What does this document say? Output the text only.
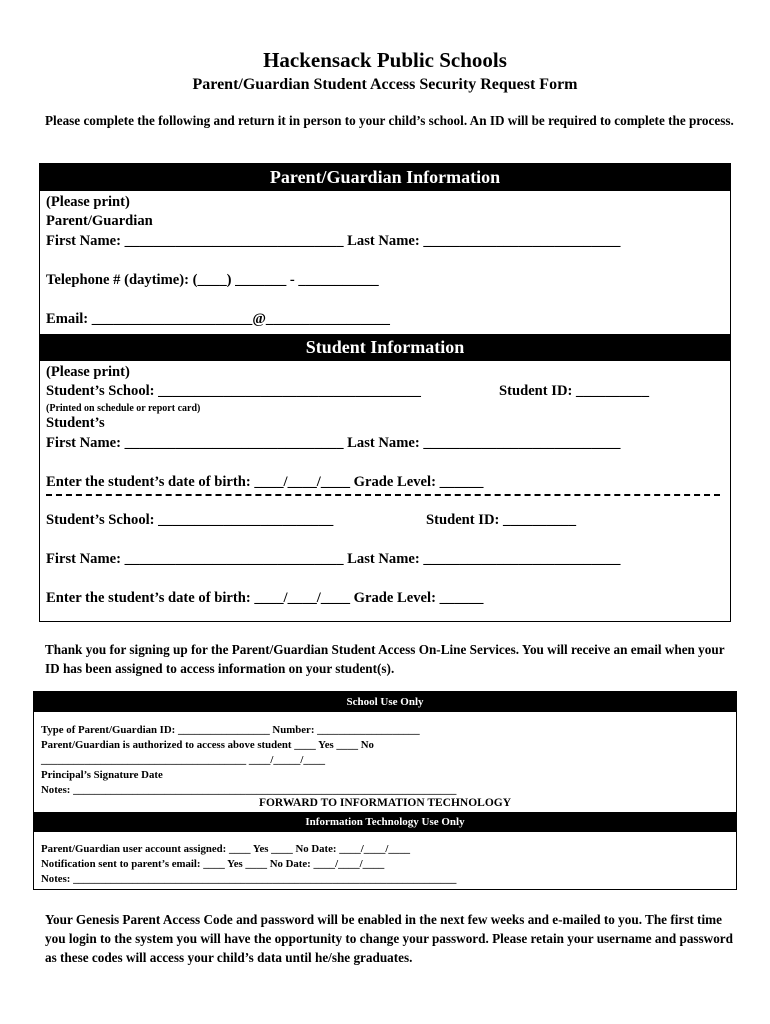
Hackensack Public Schools
Parent/Guardian Student Access Security Request Form
Please complete the following and return it in person to your child’s school. An ID will be required to complete the process.
Parent/Guardian Information
(Please print)
Parent/Guardian
First Name: ______________________________ Last Name: ___________________________
Telephone # (daytime): (____) _______ - ___________
Email: ______________________@_________________
Student Information
(Please print)
Student’s School: ____________________________________	Student ID: __________
(Printed on schedule or report card)
Student’s
First Name: ______________________________ Last Name: ___________________________
Enter the student’s date of birth: ____/____/____ Grade Level: ______
Student’s School: ________________________	Student ID: __________
First Name: ______________________________ Last Name: ___________________________
Enter the student’s date of birth: ____/____/____ Grade Level: ______
Thank you for signing up for the Parent/Guardian Student Access On-Line Services. You will receive an email when your ID has been assigned to access information on your student(s).
School Use Only
Type of Parent/Guardian ID: _________________ Number: ___________________
Parent/Guardian is authorized to access above student ____ Yes ____ No
______________________________________ ____/_____/____
Principal’s Signature Date
Notes: _______________________________________________________________________
FORWARD TO INFORMATION TECHNOLOGY
Information Technology Use Only
Parent/Guardian user account assigned: ____ Yes ____ No Date: ____/____/____
Notification sent to parent’s email: ____ Yes ____ No Date: ____/____/____
Notes: _______________________________________________________________________
Your Genesis Parent Access Code and password will be enabled in the next few weeks and e-mailed to you. The first time you login to the system you will have the opportunity to change your password. Please retain your username and password as these codes will access your child’s data until he/she graduates.
